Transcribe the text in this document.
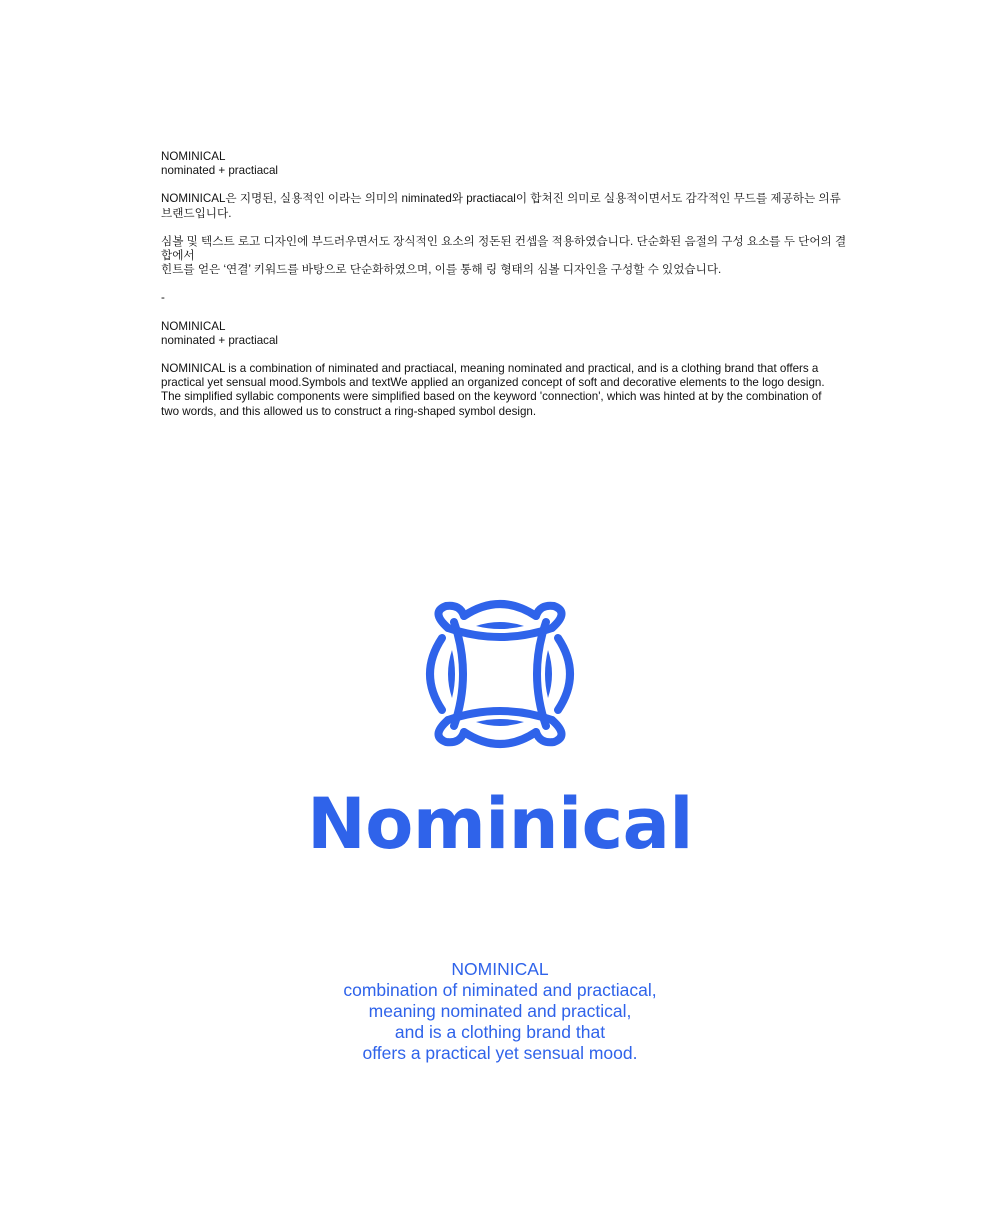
NOMINICAL

nominated + practiacal

NOMINICAL은 지명된, 실용적인 이라는 의미의 niminated와 practiacal이 합쳐진 의미로 실용적이면서도 감각적인 무드를 제공하는 의류브랜드입니다.

심볼 및 텍스트 로고 디자인에 부드러우면서도 장식적인 요소의 정돈된 컨셉을 적용하였습니다. 단순화된 음절의 구성 요소를 두 단어의 결합에서

힌트를 얻은 ‘연결’ 키워드를 바탕으로 단순화하였으며, 이를 통해 링 형태의 심볼 디자인을 구성할 수 있었습니다.

-

NOMINICAL

nominated + practiacal

NOMINICAL is a combination of niminated and practiacal, meaning nominated and practical, and is a clothing brand that offers a

practical yet sensual mood.Symbols and textWe applied an organized concept of soft and decorative elements to the logo design.

The simplified syllabic components were simplified based on the keyword 'connection', which was hinted at by the combination of

two words, and this allowed us to construct a ring-shaped symbol design.

Nominical

NOMINICAL

combination of niminated and practiacal,

meaning nominated and practical,

and is a clothing brand that

offers a practical yet sensual mood.
